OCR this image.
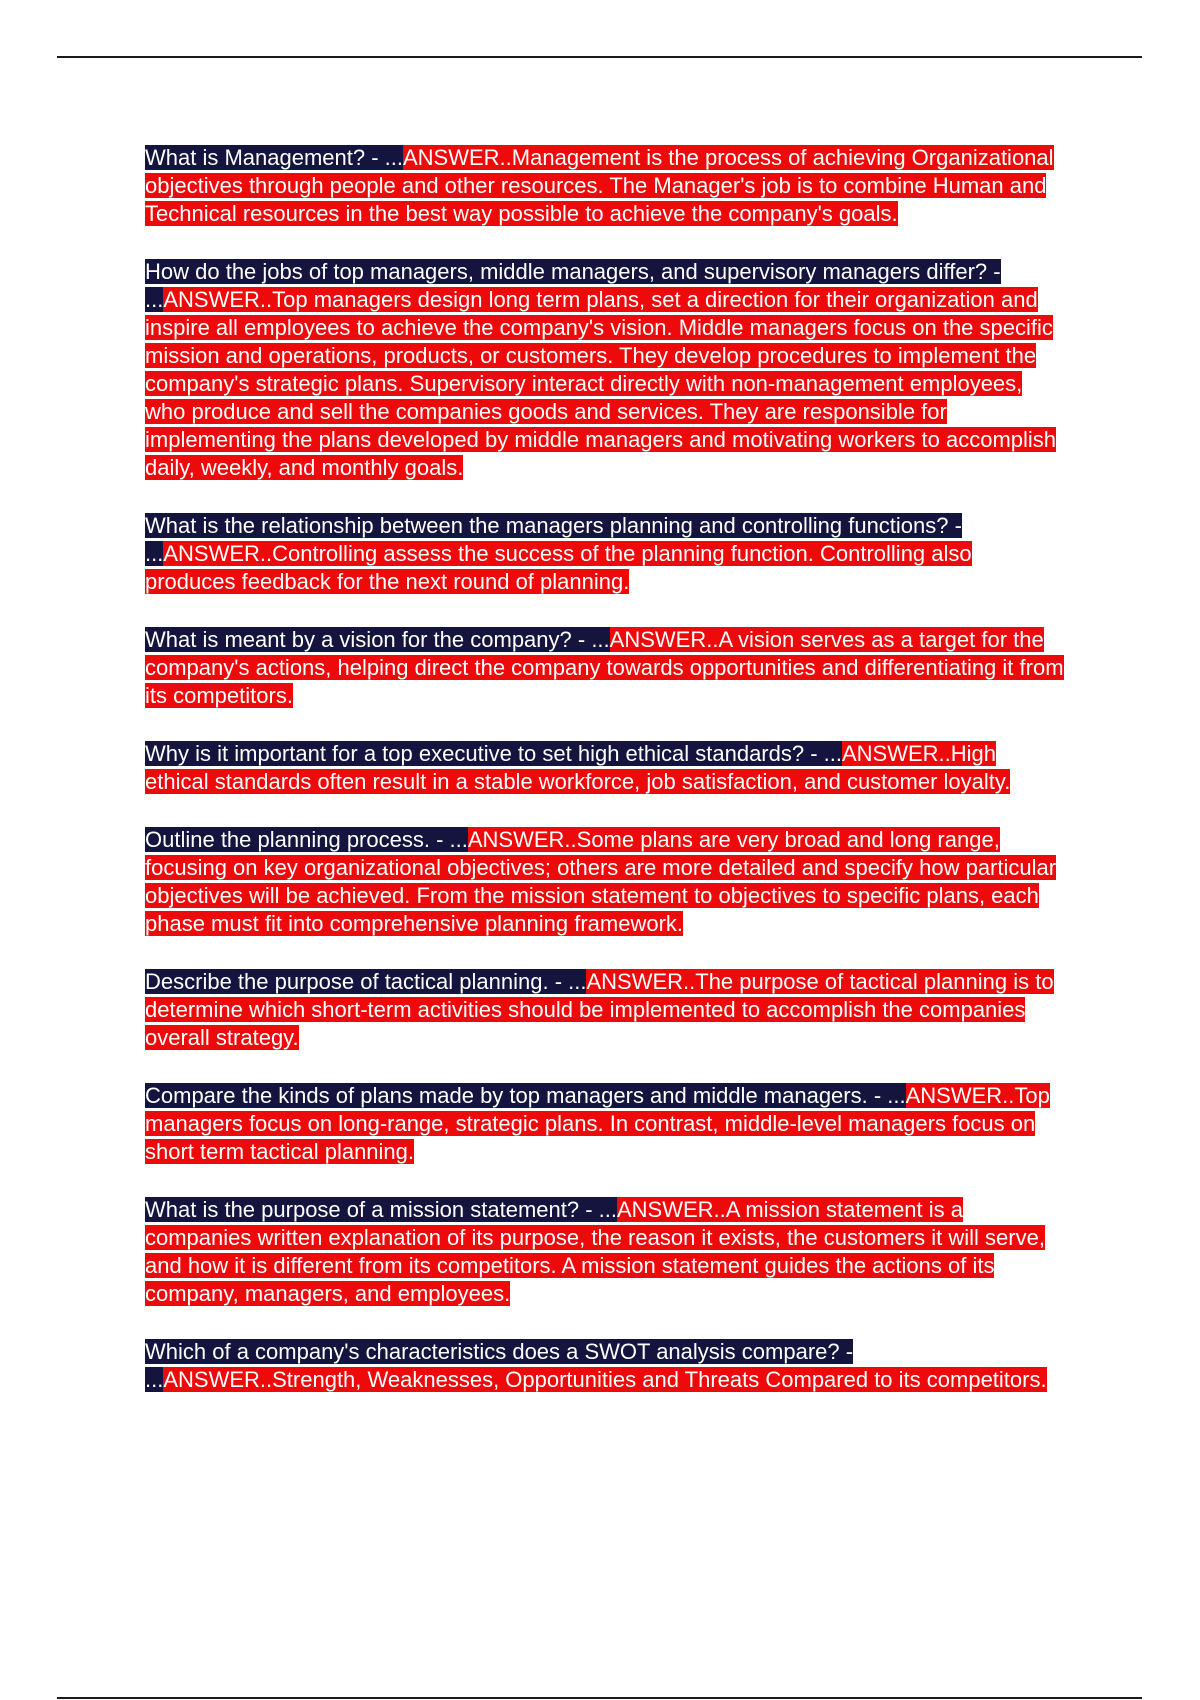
What is Management? - ...ANSWER..Management is the process of achieving Organizational objectives through people and other resources. The Manager's job is to combine Human and Technical resources in the best way possible to achieve the company's goals.

How do the jobs of top managers, middle managers, and supervisory managers differ? - ...ANSWER..Top managers design long term plans, set a direction for their organization and inspire all employees to achieve the company's vision. Middle managers focus on the specific mission and operations, products, or customers. They develop procedures to implement the company's strategic plans. Supervisory interact directly with non-management employees, who produce and sell the companies goods and services. They are responsible for implementing the plans developed by middle managers and motivating workers to accomplish daily, weekly, and monthly goals.

What is the relationship between the managers planning and controlling functions? - ...ANSWER..Controlling assess the success of the planning function. Controlling also produces feedback for the next round of planning.

What is meant by a vision for the company? - ...ANSWER..A vision serves as a target for the company's actions, helping direct the company towards opportunities and differentiating it from its competitors.

Why is it important for a top executive to set high ethical standards? - ...ANSWER..High ethical standards often result in a stable workforce, job satisfaction, and customer loyalty.

Outline the planning process. - ...ANSWER..Some plans are very broad and long range, focusing on key organizational objectives; others are more detailed and specify how particular objectives will be achieved. From the mission statement to objectives to specific plans, each phase must fit into comprehensive planning framework.

Describe the purpose of tactical planning. - ...ANSWER..The purpose of tactical planning is to determine which short-term activities should be implemented to accomplish the companies overall strategy.

Compare the kinds of plans made by top managers and middle managers. - ...ANSWER..Top managers focus on long-range, strategic plans. In contrast, middle-level managers focus on short term tactical planning.

What is the purpose of a mission statement? - ...ANSWER..A mission statement is a companies written explanation of its purpose, the reason it exists, the customers it will serve, and how it is different from its competitors. A mission statement guides the actions of its company, managers, and employees.

Which of a company's characteristics does a SWOT analysis compare? - ...ANSWER..Strength, Weaknesses, Opportunities and Threats Compared to its competitors.
